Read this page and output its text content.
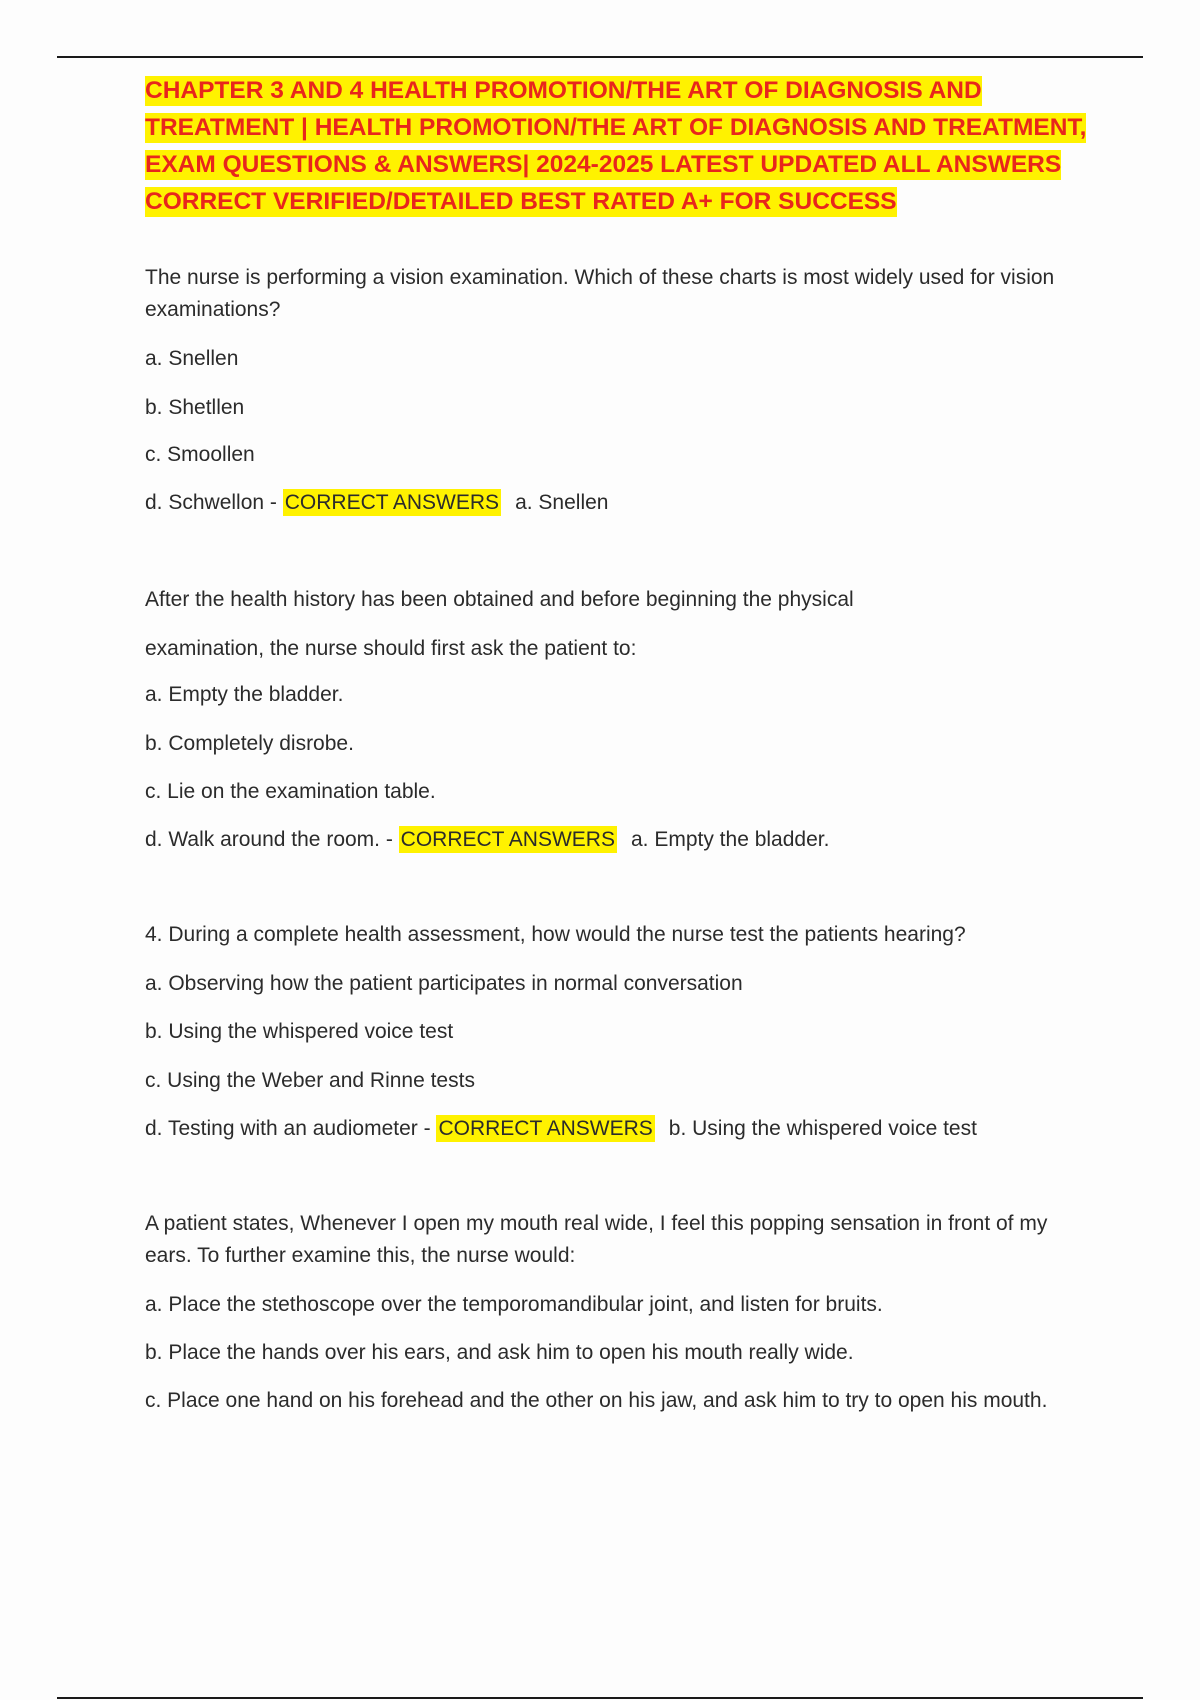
CHAPTER 3 AND 4 HEALTH PROMOTION/THE ART OF DIAGNOSIS AND TREATMENT | HEALTH PROMOTION/THE ART OF DIAGNOSIS AND TREATMENT, EXAM QUESTIONS & ANSWERS| 2024-2025 LATEST UPDATED ALL ANSWERS CORRECT VERIFIED/DETAILED BEST RATED A+ FOR SUCCESS

The nurse is performing a vision examination. Which of these charts is most widely used for vision examinations?

a. Snellen

b. Shetllen

c. Smoollen

d. Schwellon - CORRECT ANSWERS a. Snellen

After the health history has been obtained and before beginning the physical

examination, the nurse should first ask the patient to:

a. Empty the bladder.

b. Completely disrobe.

c. Lie on the examination table.

d. Walk around the room. - CORRECT ANSWERS a. Empty the bladder.

4. During a complete health assessment, how would the nurse test the patients hearing?

a. Observing how the patient participates in normal conversation

b. Using the whispered voice test

c. Using the Weber and Rinne tests

d. Testing with an audiometer - CORRECT ANSWERS b. Using the whispered voice test

A patient states, Whenever I open my mouth real wide, I feel this popping sensation in front of my ears. To further examine this, the nurse would:

a. Place the stethoscope over the temporomandibular joint, and listen for bruits.

b. Place the hands over his ears, and ask him to open his mouth really wide.

c. Place one hand on his forehead and the other on his jaw, and ask him to try to open his mouth.
